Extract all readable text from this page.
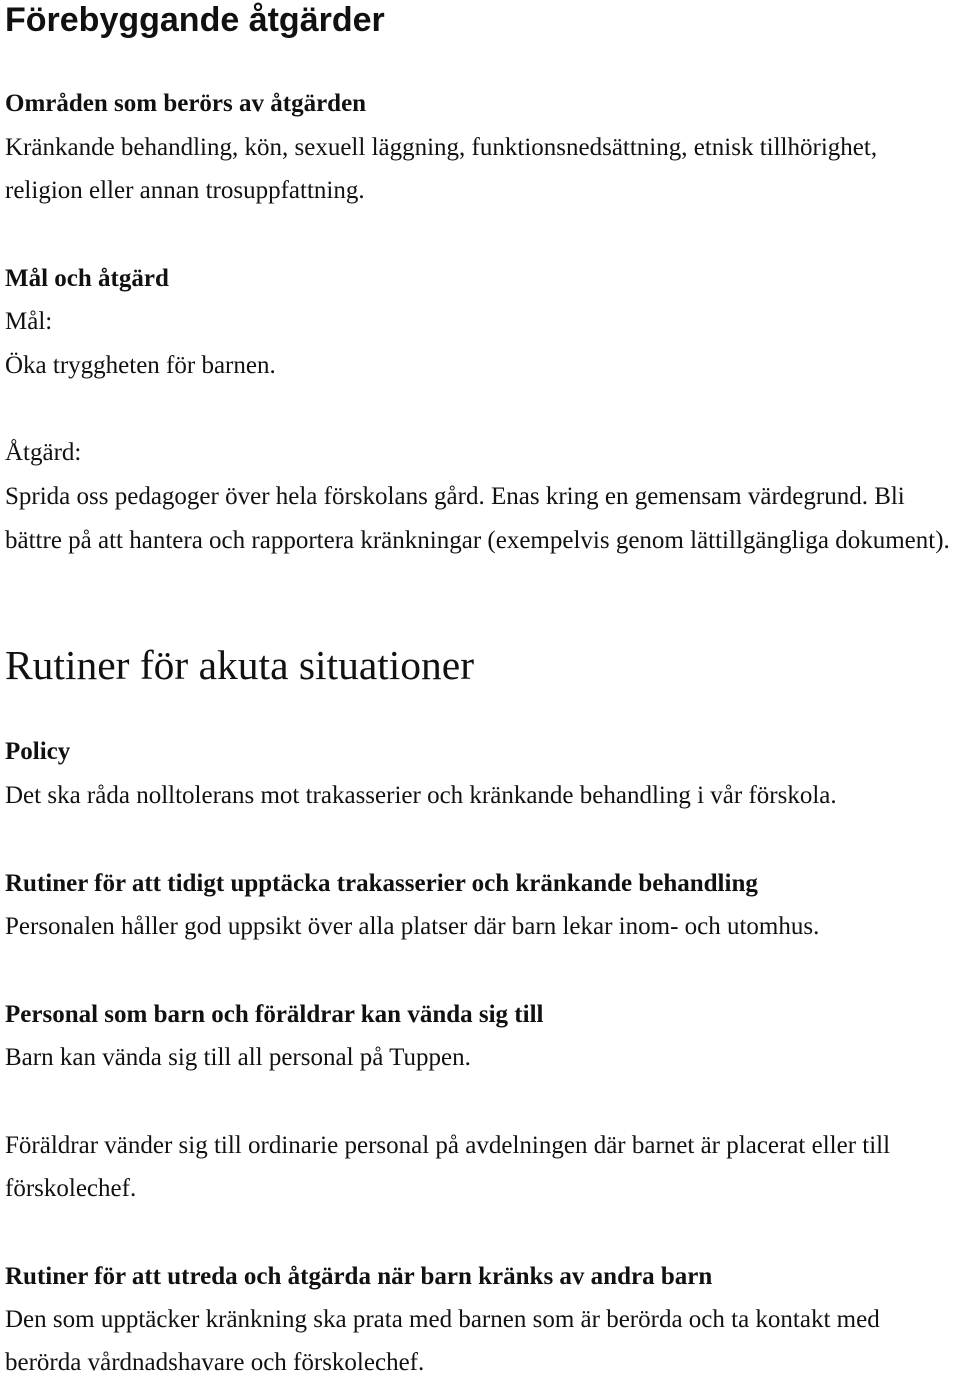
Förebyggande åtgärder
Områden som berörs av åtgärden
Kränkande behandling, kön, sexuell läggning, funktionsnedsättning, etnisk tillhörighet,
religion eller annan trosuppfattning.
Mål och åtgärd
Mål:
Öka tryggheten för barnen.
Åtgärd:
Sprida oss pedagoger över hela förskolans gård. Enas kring en gemensam värdegrund. Bli
bättre på att hantera och rapportera kränkningar (exempelvis genom lättillgängliga dokument).
Rutiner för akuta situationer
Policy
Det ska råda nolltolerans mot trakasserier och kränkande behandling i vår förskola.
Rutiner för att tidigt upptäcka trakasserier och kränkande behandling
Personalen håller god uppsikt över alla platser där barn lekar inom- och utomhus.
Personal som barn och föräldrar kan vända sig till
Barn kan vända sig till all personal på Tuppen.
Föräldrar vänder sig till ordinarie personal på avdelningen där barnet är placerat eller till
förskolechef.
Rutiner för att utreda och åtgärda när barn kränks av andra barn
Den som upptäcker kränkning ska prata med barnen som är berörda och ta kontakt med
berörda vårdnadshavare och förskolechef.
